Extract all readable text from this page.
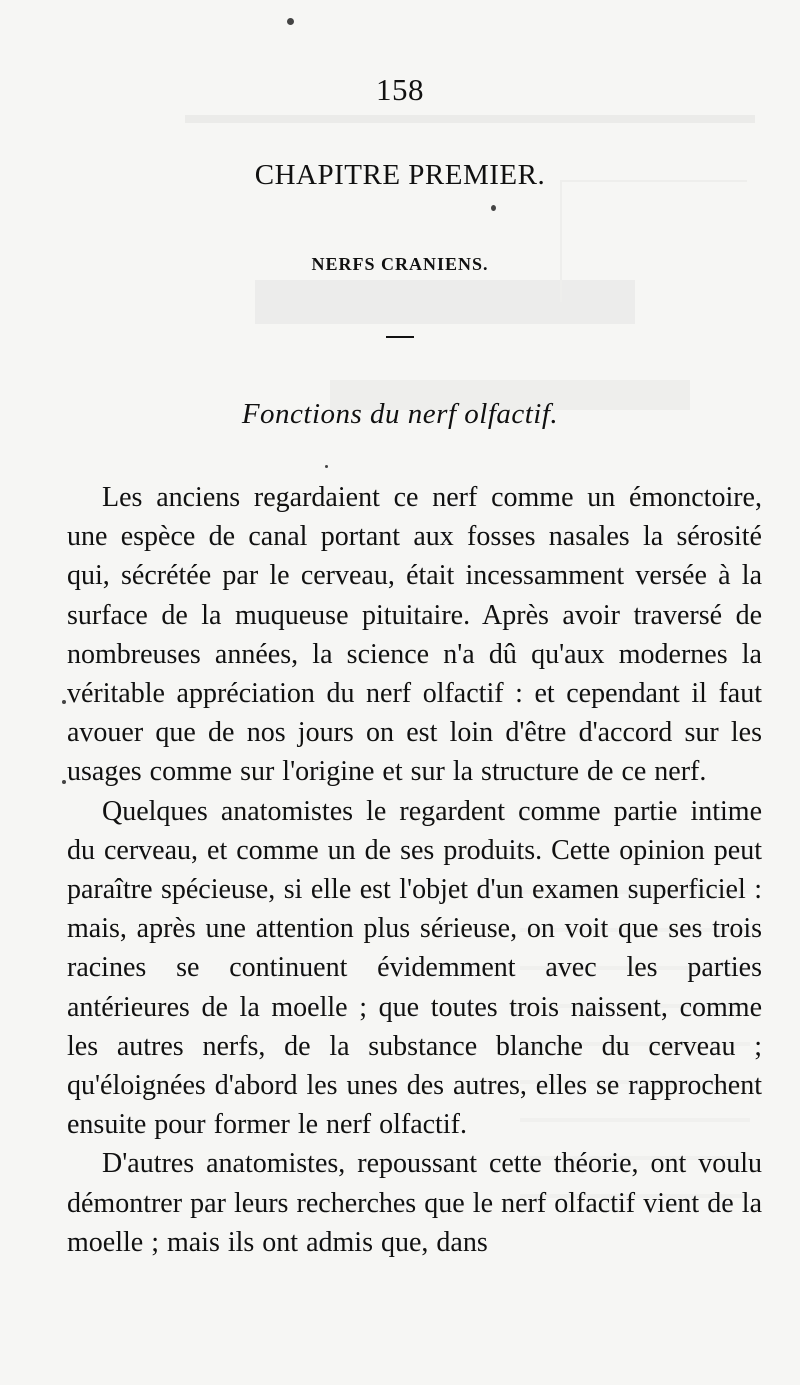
158
CHAPITRE PREMIER.
NERFS CRANIENS.
Fonctions du nerf olfactif.

Les anciens regardaient ce nerf comme un émonctoire, une espèce de canal portant aux fosses nasales la sérosité qui, sécrétée par le cerveau, était incessamment versée à la surface de la muqueuse pituitaire. Après avoir traversé de nombreuses années, la science n'a dû qu'aux modernes la véritable appréciation du nerf olfactif : et cependant il faut avouer que de nos jours on est loin d'être d'accord sur les usages comme sur l'origine et sur la structure de ce nerf.

Quelques anatomistes le regardent comme partie intime du cerveau, et comme un de ses produits. Cette opinion peut paraître spécieuse, si elle est l'objet d'un examen superficiel : mais, après une attention plus sérieuse, on voit que ses trois racines se continuent évidemment avec les parties antérieures de la moelle ; que toutes trois naissent, comme les autres nerfs, de la substance blanche du cerveau ; qu'éloignées d'abord les unes des autres, elles se rapprochent ensuite pour former le nerf olfactif.

D'autres anatomistes, repoussant cette théorie, ont voulu démontrer par leurs recherches que le nerf olfactif vient de la moelle ; mais ils ont admis que, dans
